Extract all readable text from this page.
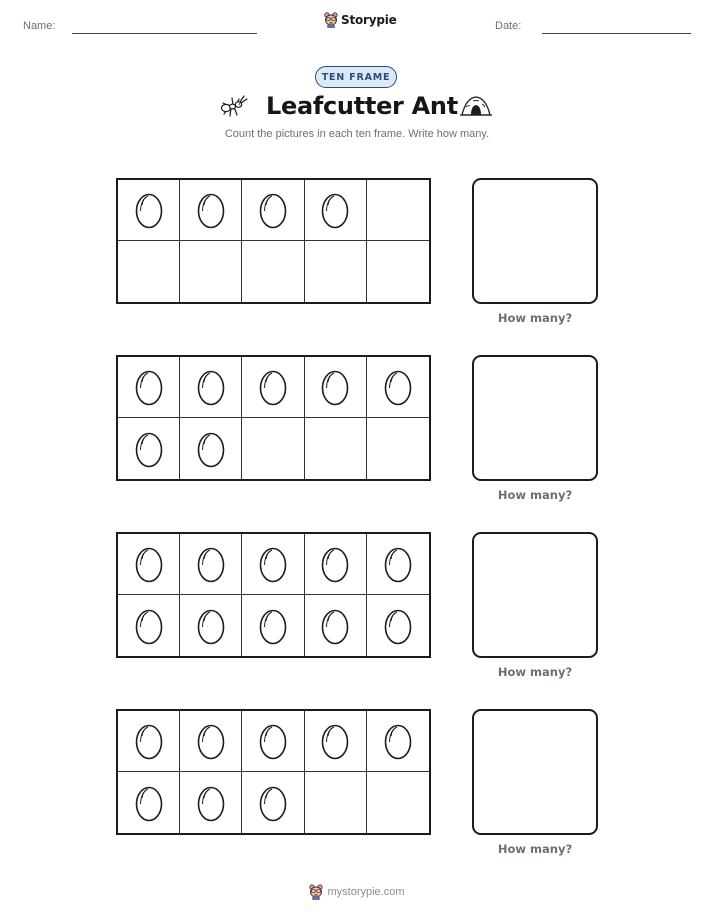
Name:	Storypie	Date:
TEN FRAME
Leafcutter Ant
Count the pictures in each ten frame. Write how many.
How many?
How many?
How many?
How many?
mystorypie.com
